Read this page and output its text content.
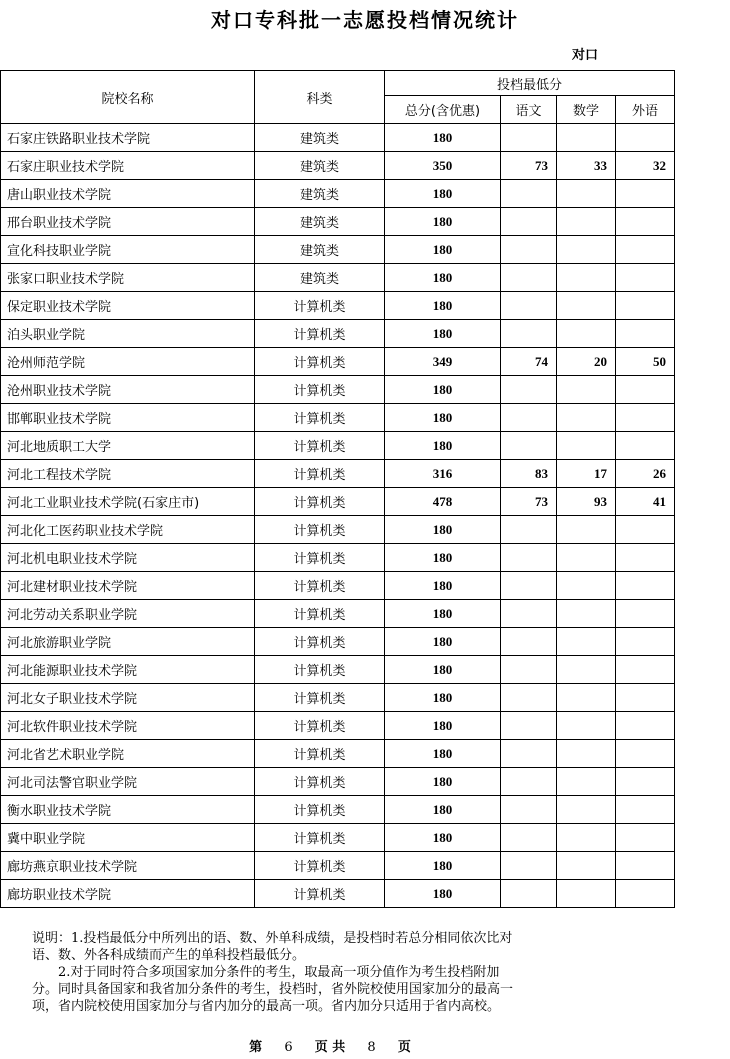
对口专科批一志愿投档情况统计
对口
院校名称	科类	投档最低分			
		总分(含优惠)	语文	数学	外语
石家庄铁路职业技术学院	建筑类	180			
石家庄职业技术学院	建筑类	350	73	33	32
唐山职业技术学院	建筑类	180			
邢台职业技术学院	建筑类	180			
宣化科技职业学院	建筑类	180			
张家口职业技术学院	建筑类	180			
保定职业技术学院	计算机类	180			
泊头职业学院	计算机类	180			
沧州师范学院	计算机类	349	74	20	50
沧州职业技术学院	计算机类	180			
邯郸职业技术学院	计算机类	180			
河北地质职工大学	计算机类	180			
河北工程技术学院	计算机类	316	83	17	26
河北工业职业技术学院(石家庄市)	计算机类	478	73	93	41
河北化工医药职业技术学院	计算机类	180			
河北机电职业技术学院	计算机类	180			
河北建材职业技术学院	计算机类	180			
河北劳动关系职业学院	计算机类	180			
河北旅游职业学院	计算机类	180			
河北能源职业技术学院	计算机类	180			
河北女子职业技术学院	计算机类	180			
河北软件职业技术学院	计算机类	180			
河北省艺术职业学院	计算机类	180			
河北司法警官职业学院	计算机类	180			
衡水职业技术学院	计算机类	180			
冀中职业学院	计算机类	180			
廊坊燕京职业技术学院	计算机类	180			
廊坊职业技术学院	计算机类	180			

说明：1.投档最低分中所列出的语、数、外单科成绩，是投档时若总分相同依次比对

语、数、外各科成绩而产生的单科投档最低分。

　　2.对于同时符合多项国家加分条件的考生，取最高一项分值作为考生投档附加

分。同时具备国家和我省加分条件的考生，投档时，省外院校使用国家加分的最高一

项，省内院校使用国家加分与省内加分的最高一项。省内加分只适用于省内高校。

第 6 页 共 8 页
